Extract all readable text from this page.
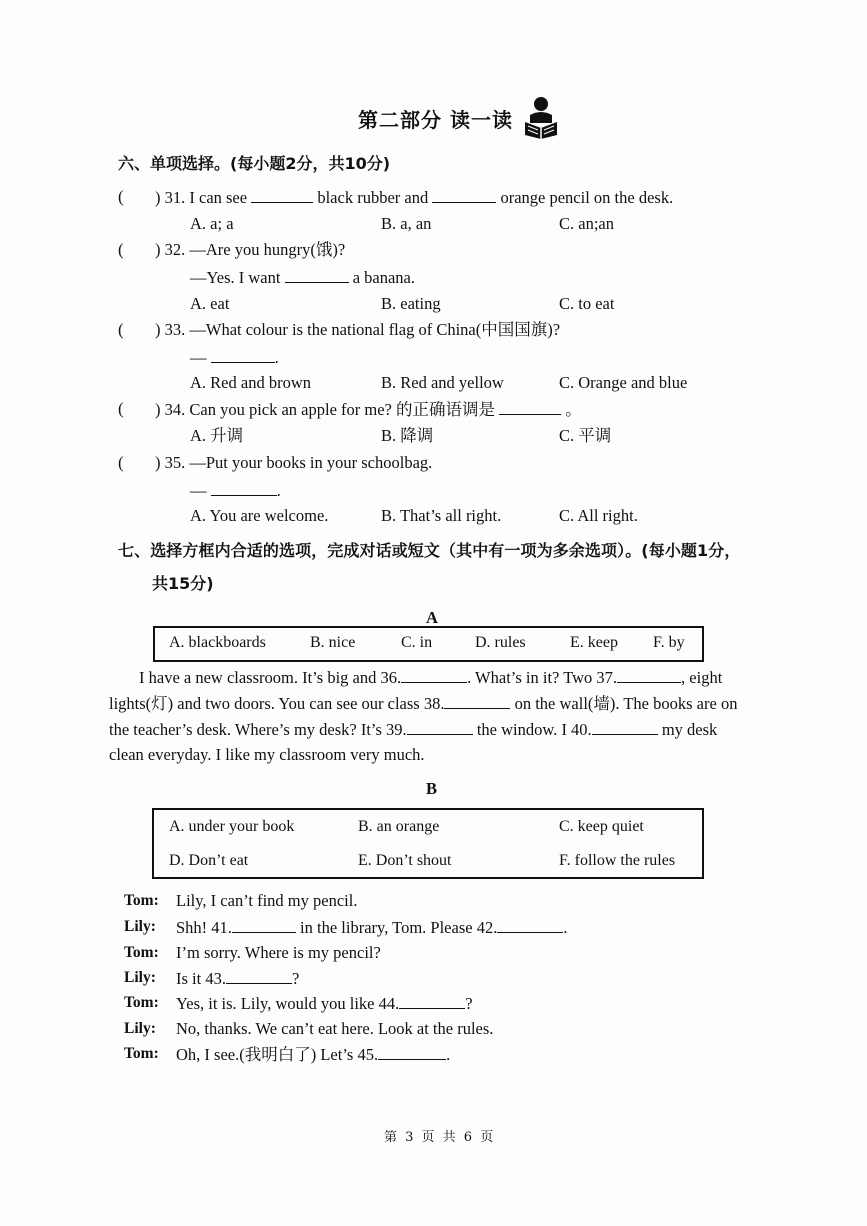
第二部分 读一读
六、单项选择。(每小题2分，共10分)
( ) 31. I can see	black rubber and	orange pencil on the desk.
A. a; a	B. a, an	C. an;an
( ) 32. —Are you hungry(饿)?
—Yes. I want	a banana.
A. eat	B. eating	C. to eat
( ) 33. —What colour is the national flag of China(中国国旗)?
—	.
A. Red and brown	B. Red and yellow	C. Orange and blue
( ) 34. Can you pick an apple for me? 的正确语调是	。
A. 升调	B. 降调	C. 平调
( ) 35. —Put your books in your schoolbag.
—	.
A. You are welcome.	B. That’s all right.	C. All right.
七、选择方框内合适的选项，完成对话或短文（其中有一项为多余选项）。(每小题1分，
共15分)
A
A. blackboards	B. nice	C. in	D. rules	E. keep F. by
I have a new classroom. It’s big and 36.	. What’s in it? Two 37.	, eight
lights(灯) and two doors. You can see our class 38.	on the wall(墙). The books are on
the teacher’s desk. Where’s my desk? It’s 39.	the window. I 40.	my desk
clean everyday. I like my classroom very much.
B
A. under your book	B. an orange	C. keep quiet
D. Don’t eat	E. Don’t shout	F. follow the rules
Tom: Lily, I can’t find my pencil.
Lily: Shh! 41.	in the library, Tom. Please 42.	.
Tom: I’m sorry. Where is my pencil?
Lily: Is it 43.	?
Tom: Yes, it is. Lily, would you like 44.	?
Lily: No, thanks. We can’t eat here. Look at the rules.
Tom: Oh, I see.(我明白了) Let’s 45.	.
第 3 页 共 6 页
